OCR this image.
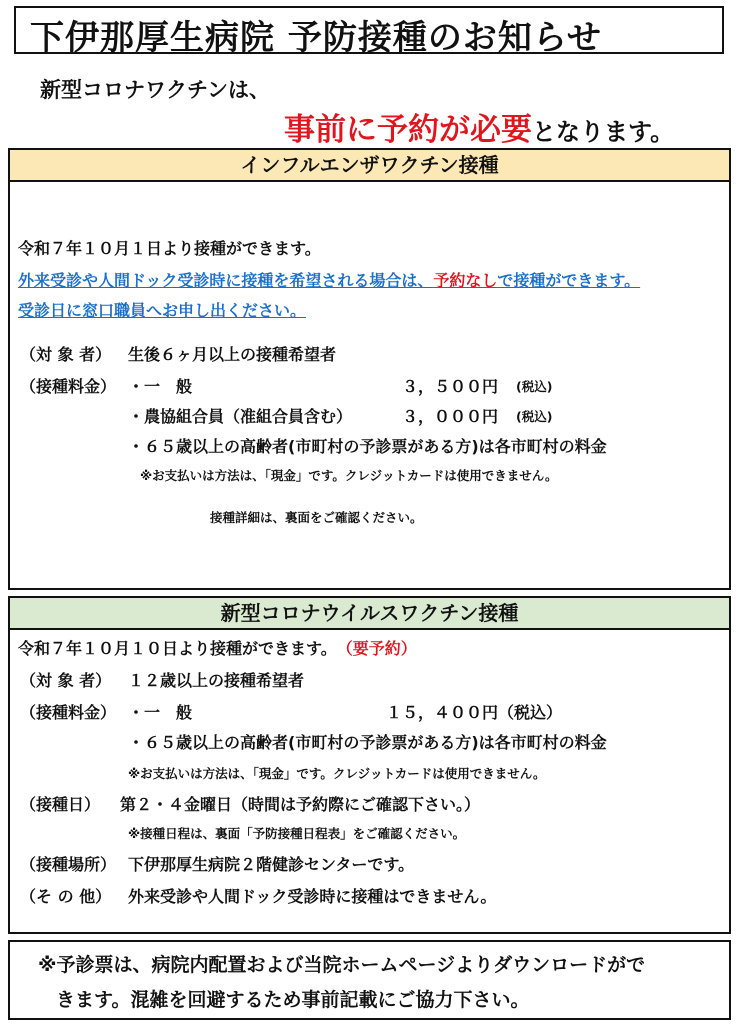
下伊那厚生病院 予防接種のお知らせ
新型コロナワクチンは、
事前に予約が必要となります。
インフルエンザワクチン接種
令和７年１０月１日より接種ができます。
外来受診や人間ドック受診時に接種を希望される場合は、予約なしで接種ができます。
受診日に窓口職員へお申し出ください。
（対 象 者） 生後６ヶ月以上の接種希望者
（接種料金） ・一　般	３，５００円 (税込)
・農協組合員（准組合員含む）	３，０００円 (税込)
・６５歳以上の高齢者(市町村の予診票がある方)は各市町村の料金
※お支払いは方法は、「現金」です。クレジットカードは使用できません。
接種詳細は、裏面をご確認ください。
新型コロナウイルスワクチン接種
令和７年１０月１０日より接種ができます。　 （要予約）
（対 象 者） １２歳以上の接種希望者
（接種料金） ・一　般	１５，４００円（税込）
・６５歳以上の高齢者(市町村の予診票がある方)は各市町村の料金
※お支払いは方法は、「現金」です。クレジットカードは使用できません。
（接種日） 第２・４金曜日（時間は予約際にご確認下さい。）
※接種日程は、裏面「予防接種日程表」をご確認ください。
（接種場所） 下伊那厚生病院２階健診センターです。
（そ の 他） 外来受診や人間ドック受診時に接種はできません。
※予診票は、病院内配置および当院ホームページよりダウンロードがで
きます。混雑を回避するため事前記載にご協力下さい。
